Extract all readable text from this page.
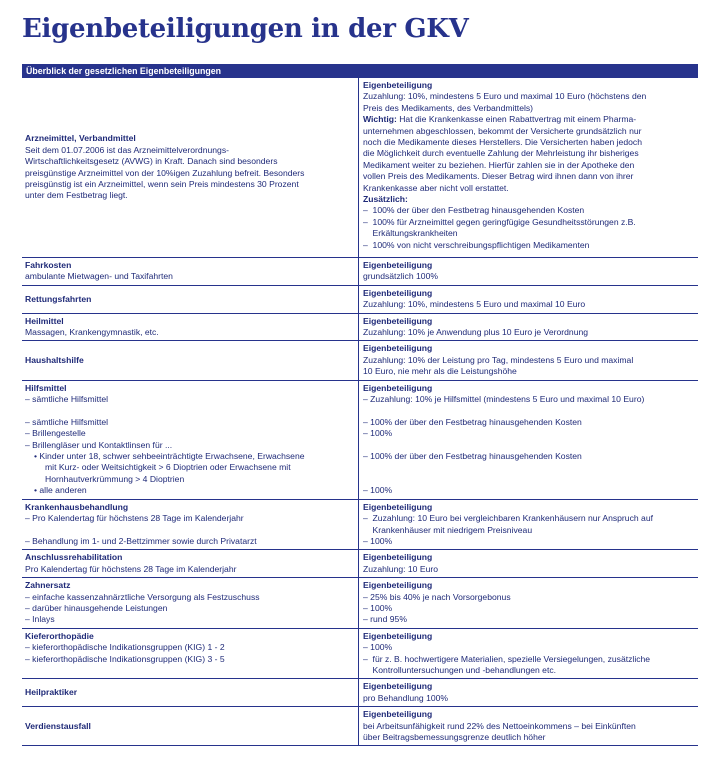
Eigenbeteiligungen in der GKV
Überblick der gesetzlichen Eigenbeteiligungen
Arzneimittel, Verbandmittel
Seit dem 01.07.2006 ist das Arzneimittelverordnungs-
Wirtschaftlichkeitsgesetz (AVWG) in Kraft. Danach sind besonders
preisgünstige Arzneimittel von der 10%igen Zuzahlung befreit. Besonders
preisgünstig ist ein Arzneimittel, wenn sein Preis mindestens 30 Prozent
unter dem Festbetrag liegt.
Eigenbeteiligung
Zuzahlung: 10%, mindestens 5 Euro und maximal 10 Euro (höchstens den
Preis des Medikaments, des Verbandmittels)
Wichtig: Hat die Krankenkasse einen Rabattvertrag mit einem Pharma-
unternehmen abgeschlossen, bekommt der Versicherte grundsätzlich nur
noch die Medikamente dieses Herstellers. Die Versicherten haben jedoch
die Möglichkeit durch eventuelle Zahlung der Mehrleistung ihr bisheriges
Medikament weiter zu beziehen. Hierfür zahlen sie in der Apotheke den
vollen Preis des Medikaments. Dieser Betrag wird ihnen dann von ihrer
Krankenkasse aber nicht voll erstattet.
Zusätzlich:
–  100% der über den Festbetrag hinausgehenden Kosten
–  100% für Arzneimittel gegen geringfügige Gesundheitsstörungen z.B.
Erkältungskrankheiten
–  100% von nicht verschreibungspflichtigen Medikamenten
Fahrkosten
ambulante Mietwagen- und Taxifahrten
Eigenbeteiligung
grundsätzlich 100%
Rettungsfahrten
Eigenbeteiligung
Zuzahlung: 10%, mindestens 5 Euro und maximal 10 Euro
Heilmittel
Massagen, Krankengymnastik, etc.
Eigenbeteiligung
Zuzahlung: 10% je Anwendung plus 10 Euro je Verordnung
Haushaltshilfe
Eigenbeteiligung
Zuzahlung: 10% der Leistung pro Tag, mindestens 5 Euro und maximal
10 Euro, nie mehr als die Leistungshöhe
Hilfsmittel
– sämtliche Hilfsmittel
– sämtliche Hilfsmittel
– Brillengestelle
– Brillengläser und Kontaktlinsen für ...
• Kinder unter 18, schwer sehbeeinträchtigte Erwachsene, Erwachsene
mit Kurz- oder Weitsichtigkeit > 6 Dioptrien oder Erwachsene mit
Hornhautverkrümmung > 4 Dioptrien
• alle anderen
Eigenbeteiligung
– Zuzahlung: 10% je Hilfsmittel (mindestens 5 Euro und maximal 10 Euro)
– 100% der über den Festbetrag hinausgehenden Kosten
– 100%
– 100% der über den Festbetrag hinausgehenden Kosten
– 100%
Krankenhausbehandlung
– Pro Kalendertag für höchstens 28 Tage im Kalenderjahr
– Behandlung im 1- und 2-Bettzimmer sowie durch Privatarzt
Eigenbeteiligung
–  Zuzahlung: 10 Euro bei vergleichbaren Krankenhäusern nur Anspruch auf
Krankenhäuser mit niedrigem Preisniveau
– 100%
Anschlussrehabilitation
Pro Kalendertag für höchstens 28 Tage im Kalenderjahr
Eigenbeteiligung
Zuzahlung: 10 Euro
Zahnersatz
– einfache kassenzahnärztliche Versorgung als Festzuschuss
– darüber hinausgehende Leistungen
– Inlays
Eigenbeteiligung
– 25% bis 40% je nach Vorsorgebonus
– 100%
– rund 95%
Kieferorthopädie
– kieferorthopädische Indikationsgruppen (KIG) 1 - 2
– kieferorthopädische Indikationsgruppen (KIG) 3 - 5
Eigenbeteiligung
– 100%
–  für z. B. hochwertigere Materialien, spezielle Versiegelungen, zusätzliche
Kontrolluntersuchungen und -behandlungen etc.
Heilpraktiker
Eigenbeteiligung
pro Behandlung 100%
Verdienstausfall
Eigenbeteiligung
bei Arbeitsunfähigkeit rund 22% des Nettoeinkommens – bei Einkünften
über Beitragsbemessungsgrenze deutlich höher
